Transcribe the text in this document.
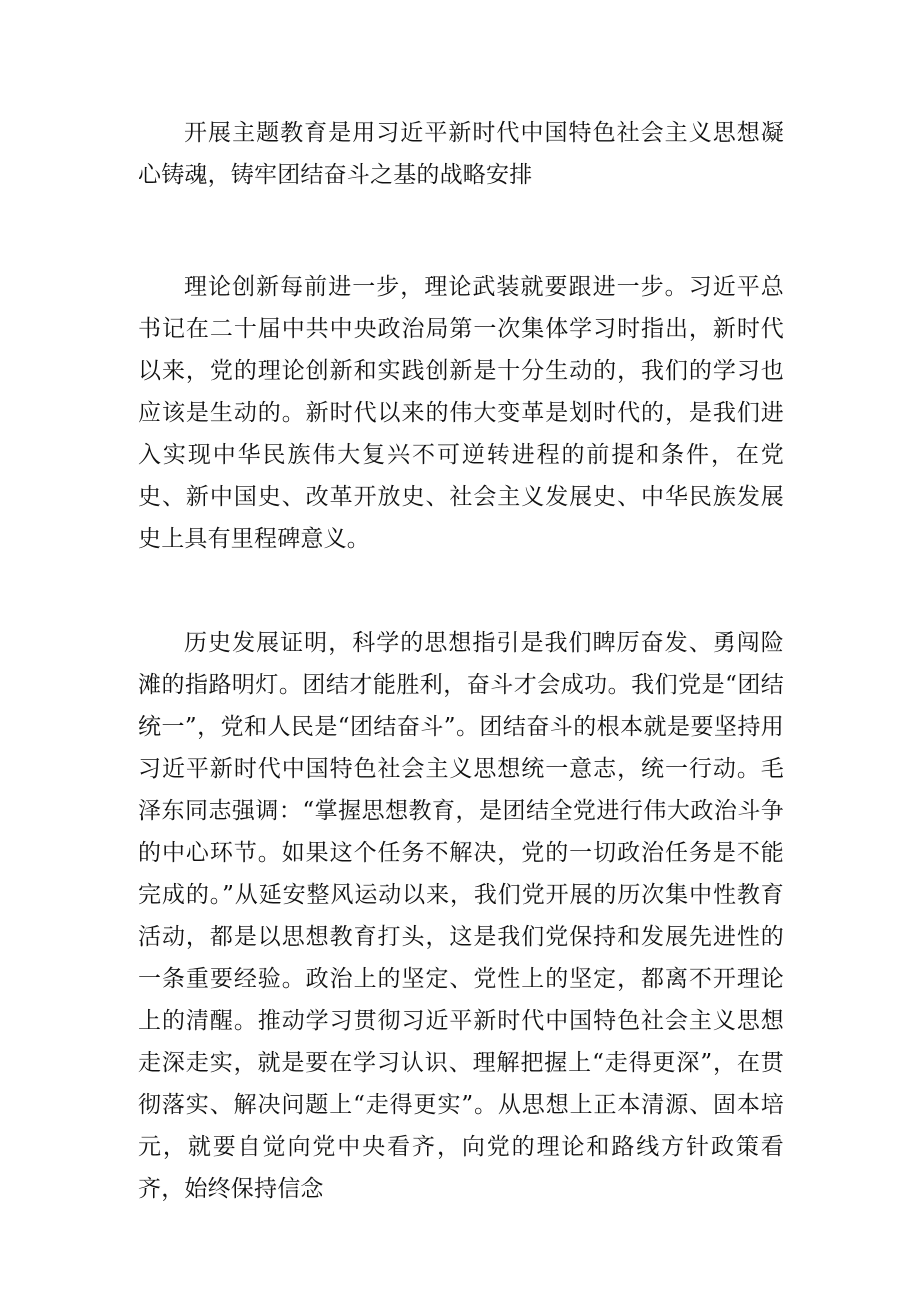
开展主题教育是用习近平新时代中国特色社会主义思想凝心铸魂，铸牢团结奋斗之基的战略安排

理论创新每前进一步，理论武装就要跟进一步。习近平总书记在二十届中共中央政治局第一次集体学习时指出，新时代以来，党的理论创新和实践创新是十分生动的，我们的学习也应该是生动的。新时代以来的伟大变革是划时代的，是我们进入实现中华民族伟大复兴不可逆转进程的前提和条件，在党史、新中国史、改革开放史、社会主义发展史、中华民族发展史上具有里程碑意义。

历史发展证明，科学的思想指引是我们睥厉奋发、勇闯险滩的指路明灯。团结才能胜利，奋斗才会成功。我们党是“团结统一”，党和人民是“团结奋斗”。团结奋斗的根本就是要坚持用习近平新时代中国特色社会主义思想统一意志，统一行动。毛泽东同志强调：“掌握思想教育，是团结全党进行伟大政治斗争的中心环节。如果这个任务不解决，党的一切政治任务是不能完成的。”从延安整风运动以来，我们党开展的历次集中性教育活动，都是以思想教育打头，这是我们党保持和发展先进性的一条重要经验。政治上的坚定、党性上的坚定，都离不开理论上的清醒。推动学习贯彻习近平新时代中国特色社会主义思想走深走实，就是要在学习认识、理解把握上“走得更深”，在贯彻落实、解决问题上“走得更实”。从思想上正本清源、固本培元，就要自觉向党中央看齐，向党的理论和路线方针政策看齐，始终保持信念
